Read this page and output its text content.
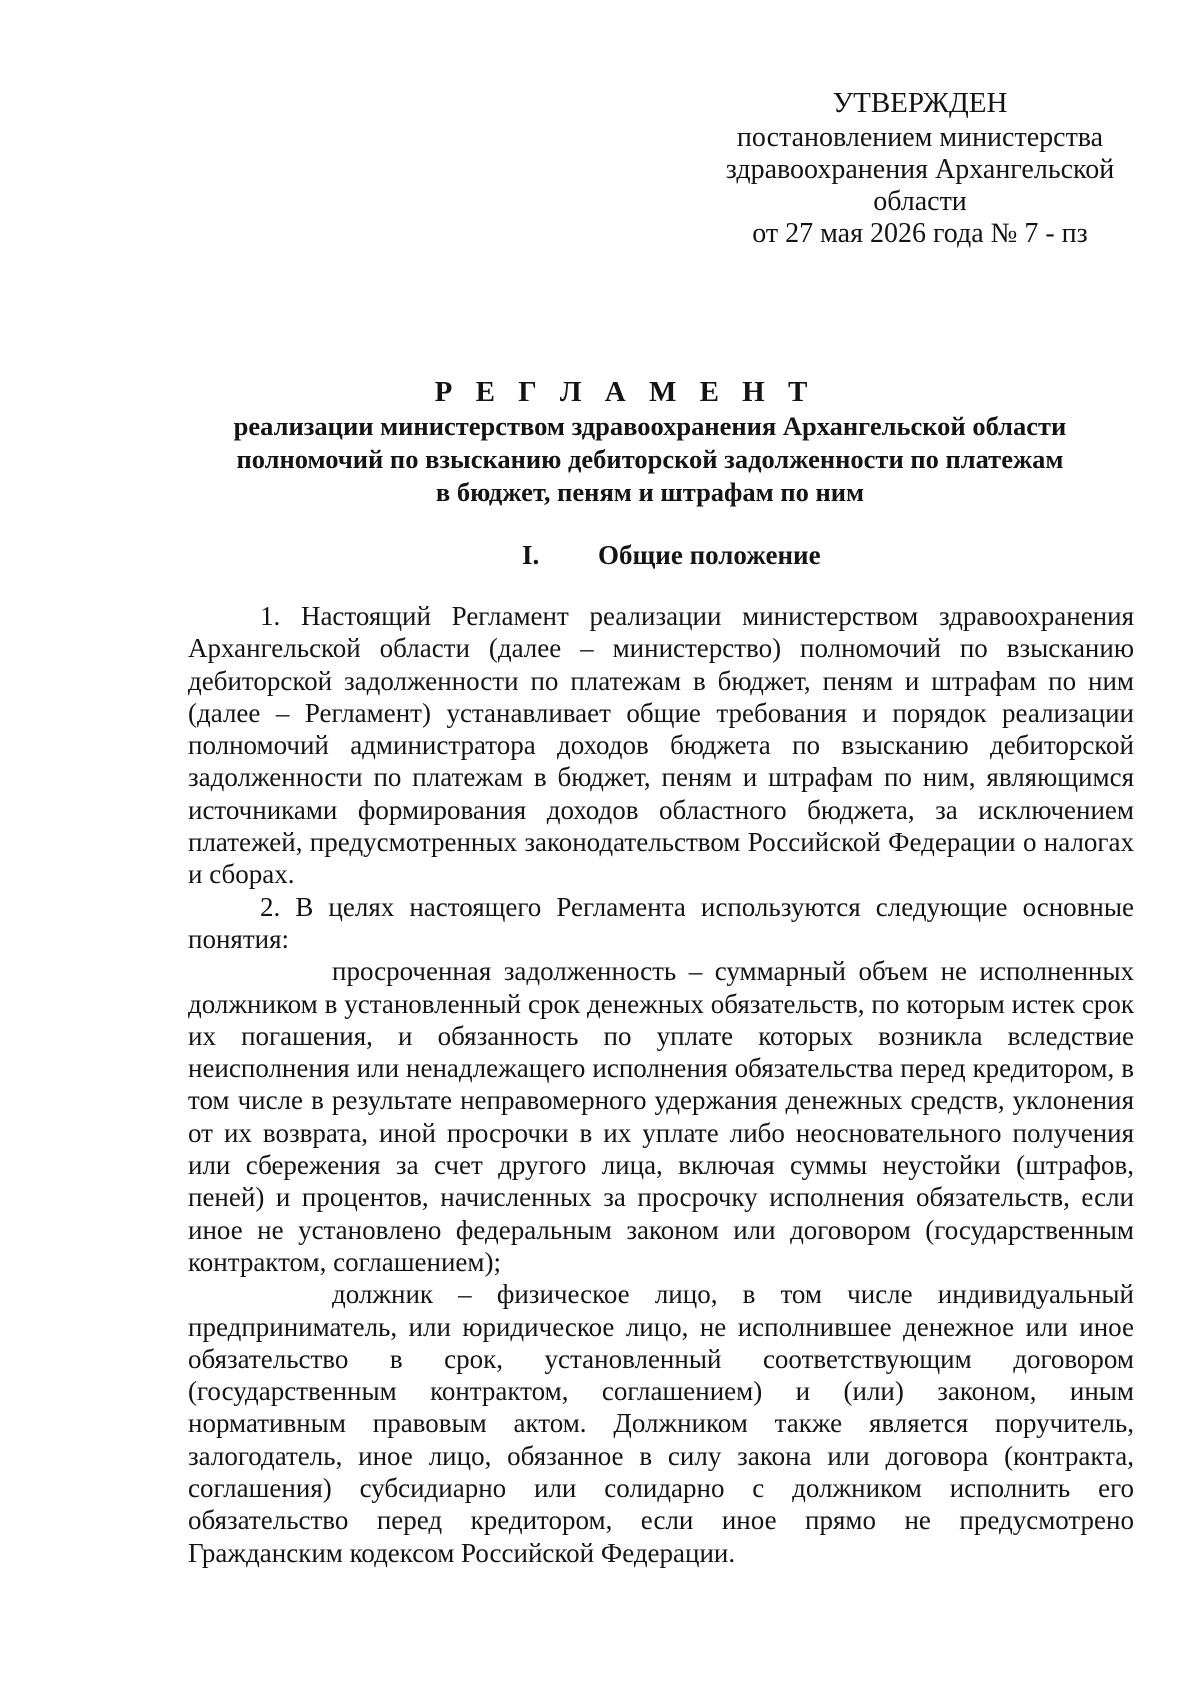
УТВЕРЖДЕН
постановлением министерства
здравоохранения Архангельской
области
от 27 мая 2026 года № 7 - пз
Р Е Г Л А М Е Н Т
реализации министерством здравоохранения Архангельской области
полномочий по взысканию дебиторской задолженности по платежам
в бюджет, пеням и штрафам по ним
I. Общие положение

1. Настоящий Регламент реализации министерством здравоохранения Архангельской области (далее – министерство) полномочий по взысканию дебиторской задолженности по платежам в бюджет, пеням и штрафам по ним (далее – Регламент) устанавливает общие требования и порядок реализации полномочий администратора доходов бюджета по взысканию дебиторской задолженности по платежам в бюджет, пеням и штрафам по ним, являющимся источниками формирования доходов областного бюджета, за исключением платежей, предусмотренных законодательством Российской Федерации о налогах и сборах.

2. В целях настоящего Регламента используются следующие основные понятия:

просроченная задолженность – суммарный объем не исполненных должником в установленный срок денежных обязательств, по которым истек срок их погашения, и обязанность по уплате которых возникла вследствие неисполнения или ненадлежащего исполнения обязательства перед кредитором, в том числе в результате неправомерного удержания денежных средств, уклонения от их возврата, иной просрочки в их уплате либо неосновательного получения или сбережения за счет другого лица, включая суммы неустойки (штрафов, пеней) и процентов, начисленных за просрочку исполнения обязательств, если иное не установлено федеральным законом или договором (государственным контрактом, соглашением);

должник – физическое лицо, в том числе индивидуальный предприниматель, или юридическое лицо, не исполнившее денежное или иное обязательство в срок, установленный соответствующим договором (государственным контрактом, соглашением) и (или) законом, иным нормативным правовым актом. Должником также является поручитель, залогодатель, иное лицо, обязанное в силу закона или договора (контракта, соглашения) субсидиарно или солидарно с должником исполнить его обязательство перед кредитором, если иное прямо не предусмотрено Гражданским кодексом Российской Федерации.
